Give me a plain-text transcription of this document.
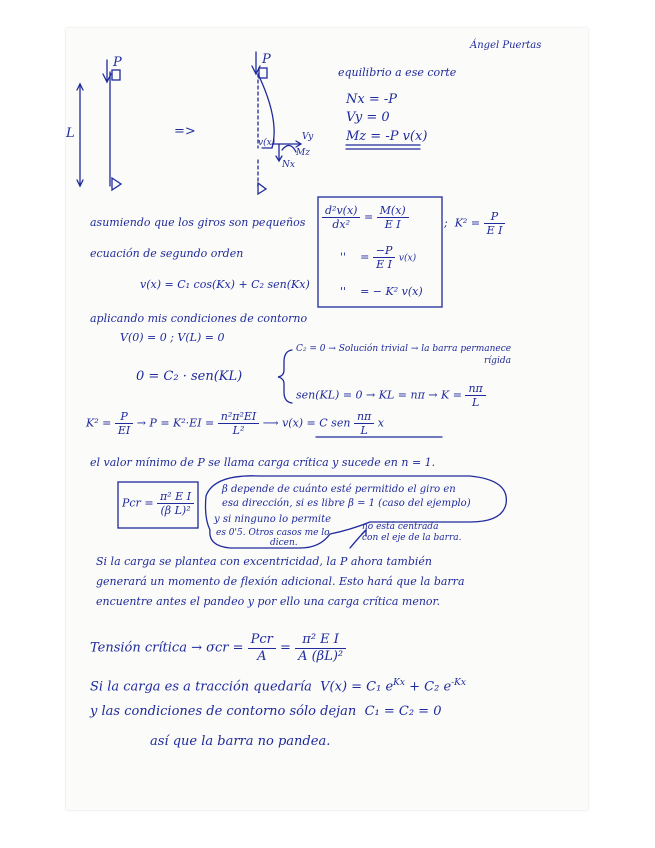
Ángel Puertas
P
L	=>
P
v(x)
Vy
Mz
Nx
equilibrio a ese corte
Nx = -P
Vy = 0
Mz = -P v(x)
asumiendo que los giros son pequeños
ecuación de segundo orden
$\frac{\text{d²v(x)}}{\text{dx²}} = \frac{M(x)}{\text{E I}}$
'' = $\frac{-P}{\text{E I}} v(x)$
'' = − K² v(x)
; $K^2 = \frac{P}{\text{E I}}$
v(x) = C₁ cos(Kx) + C₂ sen(Kx)
aplicando mis condiciones de contorno
V(0) = 0 ; V(L) = 0
0 = C₂ · sen(KL)
C₂ = 0 → Solución trivial → la barra permanece
rígida
sen(KL) = 0 → KL = $n\pi \to K = \frac{n\pi}{L}$
$K^2 = \frac{P}{EI} \to P = K^2\cdot EI = \frac{\text{n²π²EI}}{\text{L²}}$ ⟶ v(x) = C sen $\frac{n\pi}{L}$ x
el valor mínimo de P se llama carga crítica y sucede en n = 1.
Pcr = $\frac{\text{π² E I}}{\text{(β L)²}}$
β depende de cuánto esté permitido el giro en
esa dirección, si es libre β = 1 (caso del ejemplo)
y si ninguno lo permite
es 0'5. Otros casos me lo
dicen.
no está centrada
con el eje de la barra.
Si la carga se plantea con excentricidad, la P ahora también
generará un momento de flexión adicional. Esto hará que la barra
encuentre antes el pandeo y por ello una carga crítica menor.
Tensión crítica → $\sigma cr = \frac{\text{Pcr}}{A} = \frac{\text{π² E I}}{\text{A (βL)²}}$
Si la carga es a tracción quedaría V(x) = C₁ $e^{Kx} + C_2$ $e^{-Kx}$
y las condiciones de contorno sólo dejan C₁ = C₂ = 0
así que la barra no pandea.
